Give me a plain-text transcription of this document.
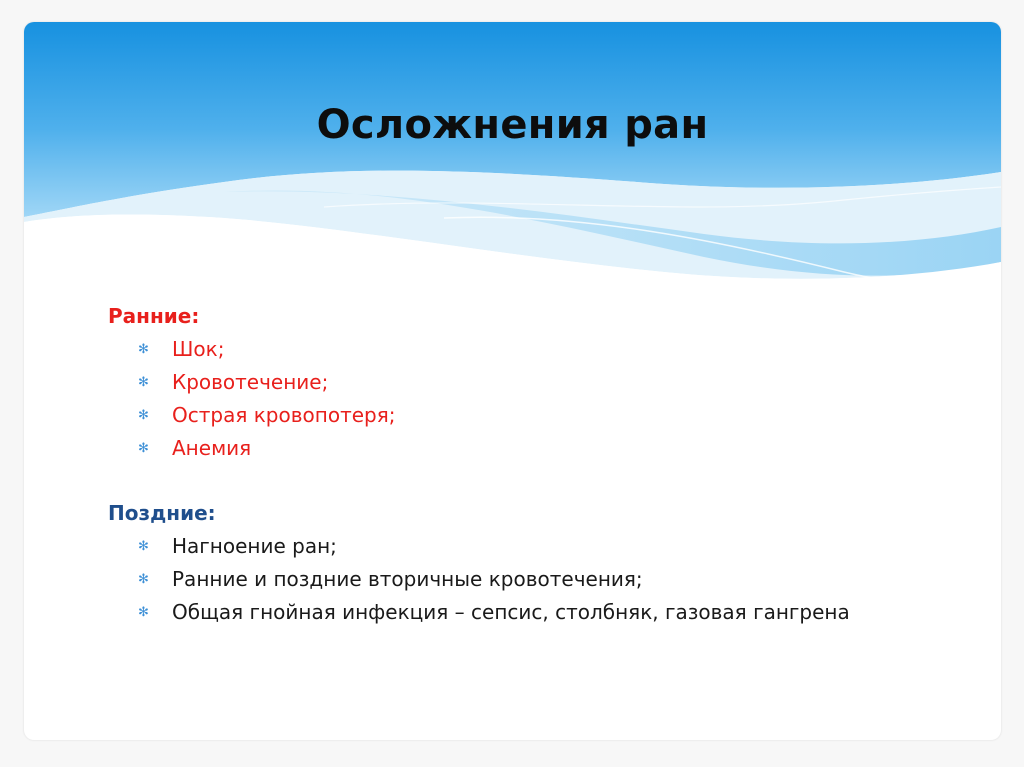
Осложнения ран

Ранние:

✻ Шок;
✻ Кровотечение;
✻ Острая кровопотеря;
✻ Анемия

Поздние:

✻ Нагноение ран;
✻ Ранние и поздние вторичные кровотечения;
✻ Общая гнойная инфекция – сепсис, столбняк, газовая гангрена
